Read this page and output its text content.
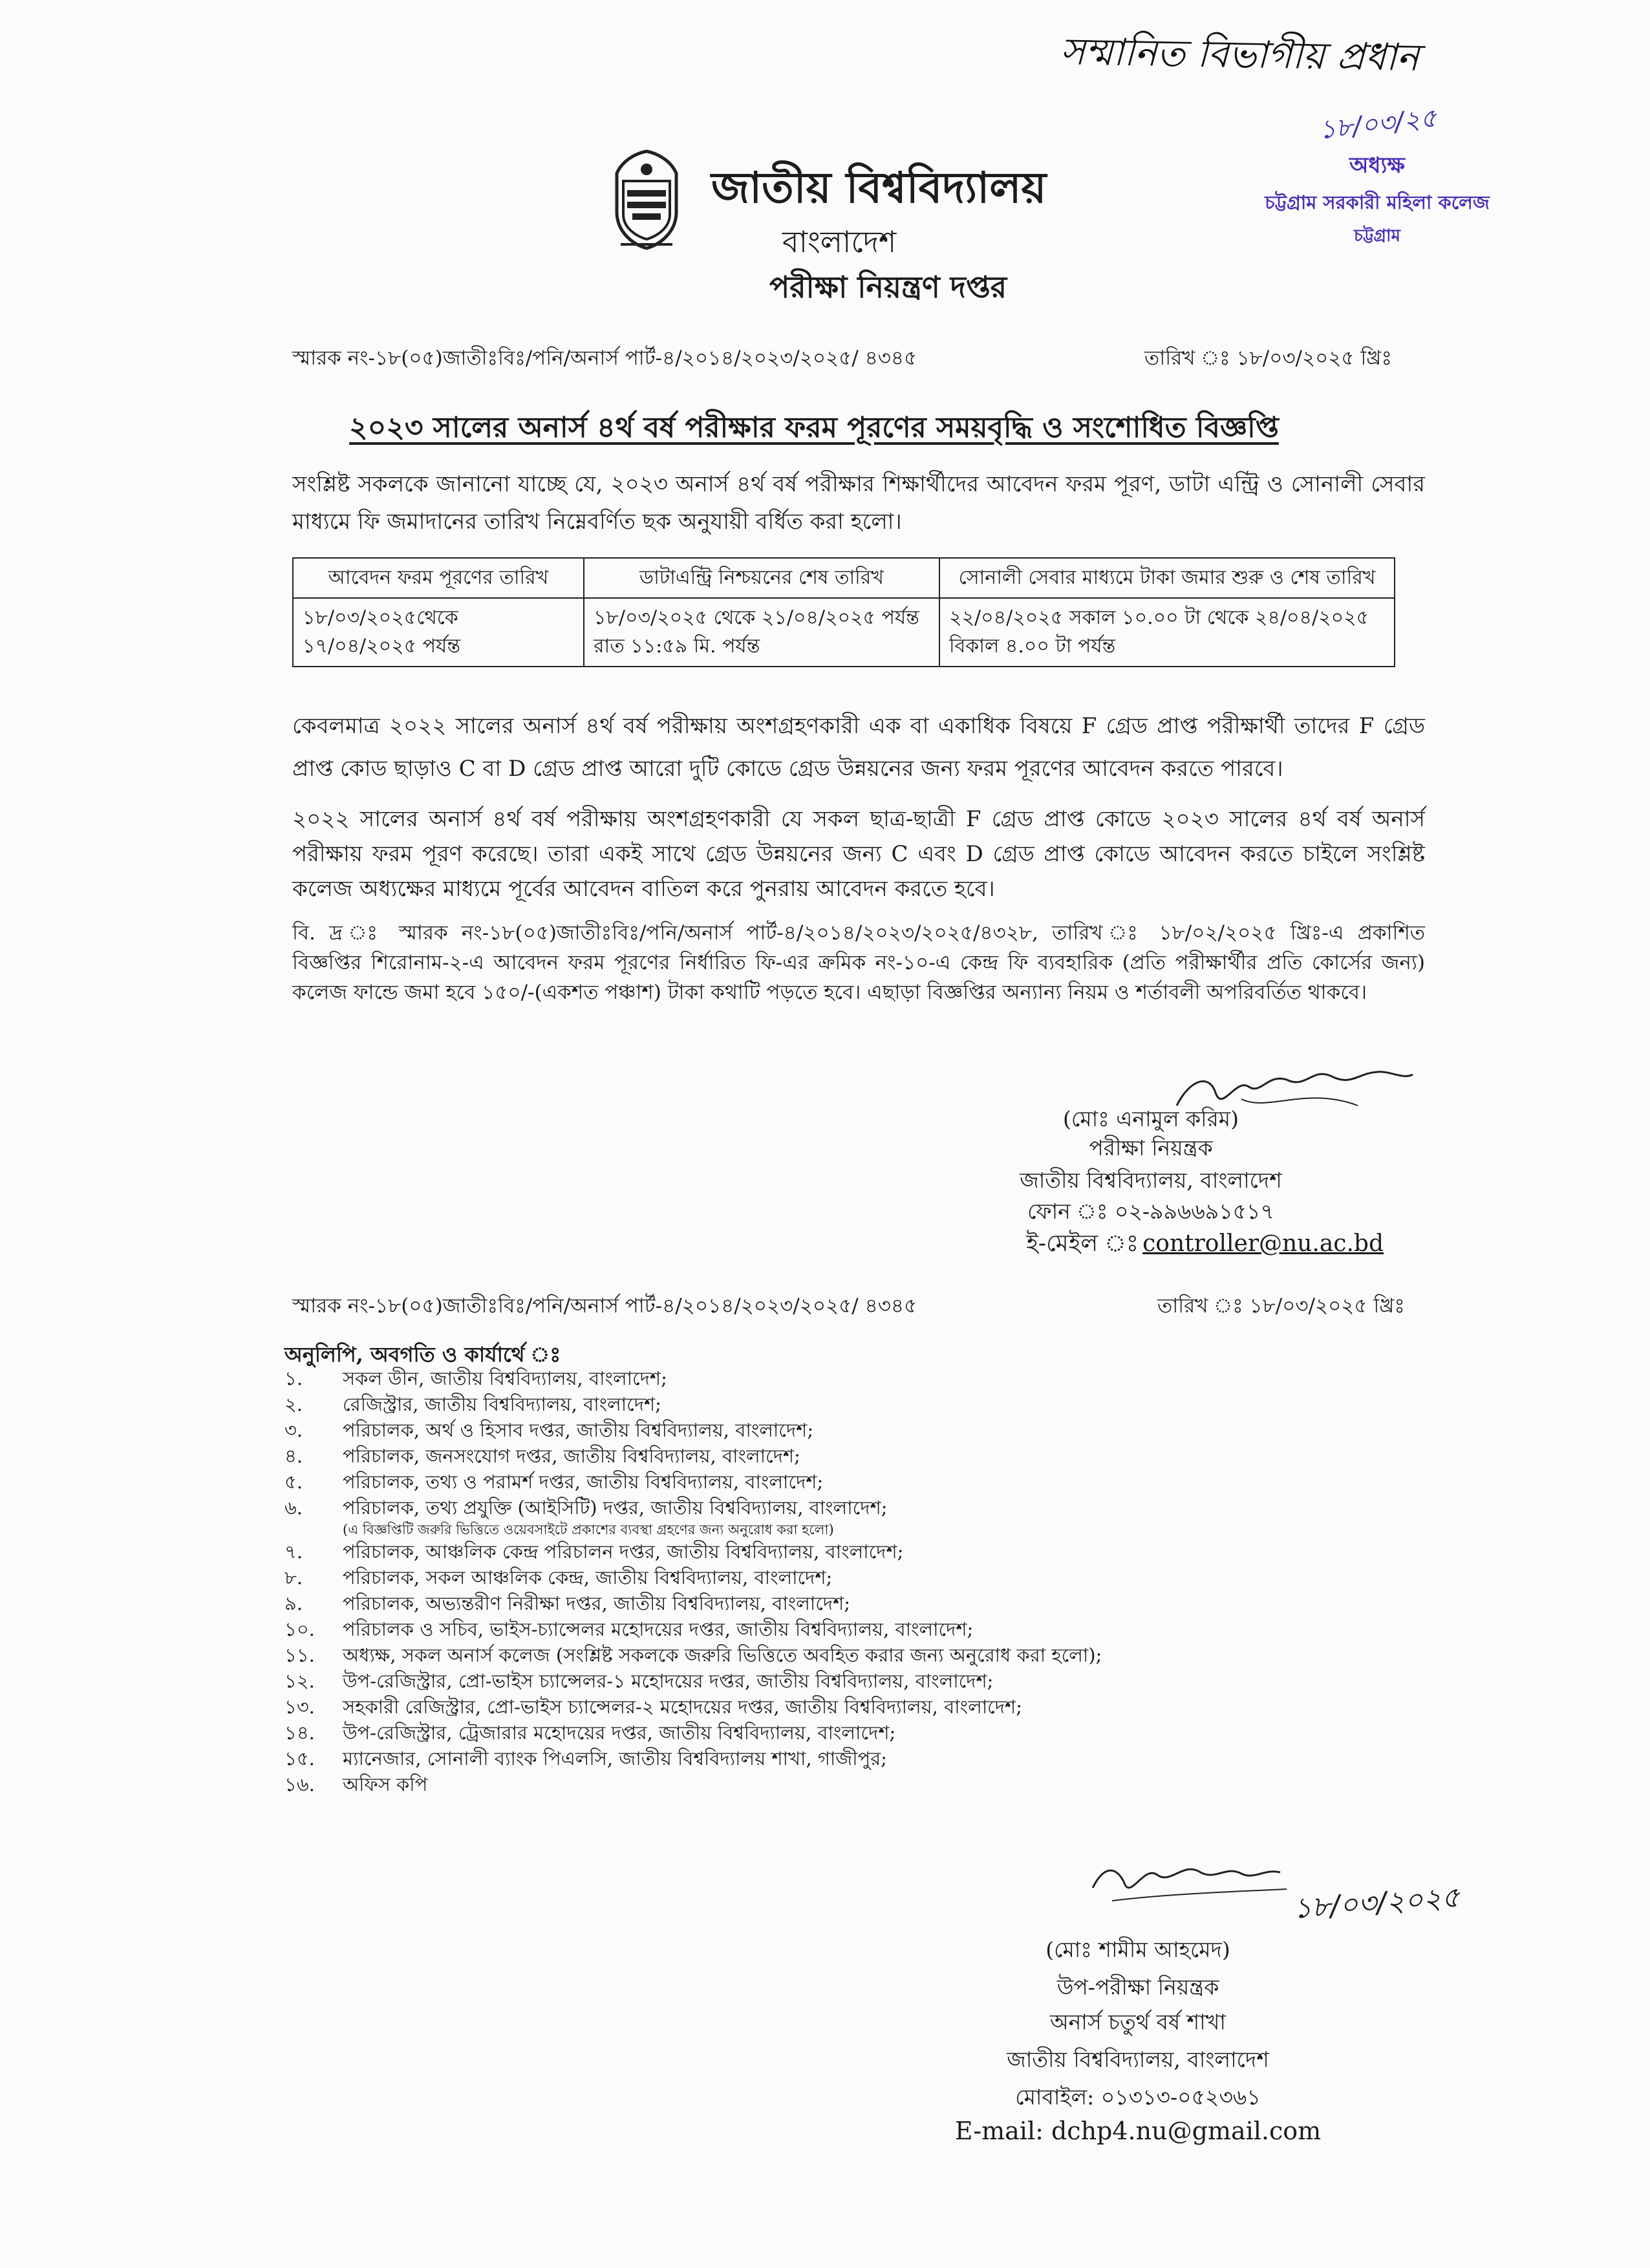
সম্মানিত বিভাগীয় প্রধান
১৮/০৩/২৫
অধ্যক্ষ
চট্টগ্রাম সরকারী মহিলা কলেজ
চট্টগ্রাম
জাতীয় বিশ্ববিদ্যালয়
বাংলাদেশ
পরীক্ষা নিয়ন্ত্রণ দপ্তর
স্মারক নং-১৮(০৫)জাতীঃবিঃ/পনি/অনার্স পার্ট-৪/২০১৪/২০২৩/২০২৫/ ৪৩৪৫	তারিখ ঃ ১৮/০৩/২০২৫ খ্রিঃ
২০২৩ সালের অনার্স ৪র্থ বর্ষ পরীক্ষার ফরম পূরণের সময়বৃদ্ধি ও সংশোধিত বিজ্ঞপ্তি
সংশ্লিষ্ট সকলকে জানানো যাচ্ছে যে, ২০২৩ অনার্স ৪র্থ বর্ষ পরীক্ষার শিক্ষার্থীদের আবেদন ফরম পূরণ, ডাটা এন্ট্রি ও সোনালী সেবার মাধ্যমে ফি জমাদানের তারিখ নিম্নেবর্ণিত ছক অনুযায়ী বর্ধিত করা হলো।
আবেদন ফরম পূরণের তারিখ	ডাটাএন্ট্রি নিশ্চয়নের শেষ তারিখ	সোনালী সেবার মাধ্যমে টাকা জমার শুরু ও শেষ তারিখ
১৮/০৩/২০২৫থেকে ১৭/০৪/২০২৫ পর্যন্ত	১৮/০৩/২০২৫ থেকে ২১/০৪/২০২৫ পর্যন্ত রাত ১১:৫৯ মি. পর্যন্ত	২২/০৪/২০২৫ সকাল ১০.০০ টা থেকে ২৪/০৪/২০২৫ বিকাল ৪.০০ টা পর্যন্ত
কেবলমাত্র ২০২২ সালের অনার্স ৪র্থ বর্ষ পরীক্ষায় অংশগ্রহণকারী এক বা একাধিক বিষয়ে F গ্রেড প্রাপ্ত পরীক্ষার্থী তাদের F গ্রেড প্রাপ্ত কোড ছাড়াও C বা D গ্রেড প্রাপ্ত আরো দুটি কোডে গ্রেড উন্নয়নের জন্য ফরম পূরণের আবেদন করতে পারবে।
২০২২ সালের অনার্স ৪র্থ বর্ষ পরীক্ষায় অংশগ্রহণকারী যে সকল ছাত্র-ছাত্রী F গ্রেড প্রাপ্ত কোডে ২০২৩ সালের ৪র্থ বর্ষ অনার্স পরীক্ষায় ফরম পূরণ করেছে। তারা একই সাথে গ্রেড উন্নয়নের জন্য C এবং D গ্রেড প্রাপ্ত কোডে আবেদন করতে চাইলে সংশ্লিষ্ট কলেজ অধ্যক্ষের মাধ্যমে পূর্বের আবেদন বাতিল করে পুনরায় আবেদন করতে হবে।
বি. দ্র ঃ স্মারক নং-১৮(০৫)জাতীঃবিঃ/পনি/অনার্স পার্ট-৪/২০১৪/২০২৩/২০২৫/৪৩২৮, তারিখ ঃ ১৮/০২/২০২৫ খ্রিঃ-এ প্রকাশিত বিজ্ঞপ্তির শিরোনাম-২-এ আবেদন ফরম পূরণের নির্ধারিত ফি-এর ক্রমিক নং-১০-এ কেন্দ্র ফি ব্যবহারিক (প্রতি পরীক্ষার্থীর প্রতি কোর্সের জন্য) কলেজ ফান্ডে জমা হবে ১৫০/-(একশত পঞ্চাশ) টাকা কথাটি পড়তে হবে। এছাড়া বিজ্ঞপ্তির অন্যান্য নিয়ম ও শর্তাবলী অপরিবর্তিত থাকবে।
(মোঃ এনামুল করিম)
পরীক্ষা নিয়ন্ত্রক
জাতীয় বিশ্ববিদ্যালয়, বাংলাদেশ
ফোন ঃ ০২-৯৯৬৬৯১৫১৭
ই-মেইল ঃ controller@nu.ac.bd
স্মারক নং-১৮(০৫)জাতীঃবিঃ/পনি/অনার্স পার্ট-৪/২০১৪/২০২৩/২০২৫/ ৪৩৪৫	তারিখ ঃ ১৮/০৩/২০২৫ খ্রিঃ
অনুলিপি, অবগতি ও কার্যার্থে ঃ
১.	সকল ডীন, জাতীয় বিশ্ববিদ্যালয়, বাংলাদেশ;
২.	রেজিস্ট্রার, জাতীয় বিশ্ববিদ্যালয়, বাংলাদেশ;
৩.	পরিচালক, অর্থ ও হিসাব দপ্তর, জাতীয় বিশ্ববিদ্যালয়, বাংলাদেশ;
৪.	পরিচালক, জনসংযোগ দপ্তর, জাতীয় বিশ্ববিদ্যালয়, বাংলাদেশ;
৫.	পরিচালক, তথ্য ও পরামর্শ দপ্তর, জাতীয় বিশ্ববিদ্যালয়, বাংলাদেশ;
৬.	পরিচালক, তথ্য প্রযুক্তি (আইসিটি) দপ্তর, জাতীয় বিশ্ববিদ্যালয়, বাংলাদেশ;
(এ বিজ্ঞপ্তিটি জরুরি ভিত্তিতে ওয়েবসাইটে প্রকাশের ব্যবস্থা গ্রহণের জন্য অনুরোধ করা হলো)
৭.	পরিচালক, আঞ্চলিক কেন্দ্র পরিচালন দপ্তর, জাতীয় বিশ্ববিদ্যালয়, বাংলাদেশ;
৮.	পরিচালক, সকল আঞ্চলিক কেন্দ্র, জাতীয় বিশ্ববিদ্যালয়, বাংলাদেশ;
৯.	পরিচালক, অভ্যন্তরীণ নিরীক্ষা দপ্তর, জাতীয় বিশ্ববিদ্যালয়, বাংলাদেশ;
১০.	পরিচালক ও সচিব, ভাইস-চ্যান্সেলর মহোদয়ের দপ্তর, জাতীয় বিশ্ববিদ্যালয়, বাংলাদেশ;
১১.	অধ্যক্ষ, সকল অনার্স কলেজ (সংশ্লিষ্ট সকলকে জরুরি ভিত্তিতে অবহিত করার জন্য অনুরোধ করা হলো);
১২.	উপ-রেজিস্ট্রার, প্রো-ভাইস চ্যান্সেলর-১ মহোদয়ের দপ্তর, জাতীয় বিশ্ববিদ্যালয়, বাংলাদেশ;
১৩.	সহকারী রেজিস্ট্রার, প্রো-ভাইস চ্যান্সেলর-২ মহোদয়ের দপ্তর, জাতীয় বিশ্ববিদ্যালয়, বাংলাদেশ;
১৪.	উপ-রেজিস্ট্রার, ট্রেজারার মহোদয়ের দপ্তর, জাতীয় বিশ্ববিদ্যালয়, বাংলাদেশ;
১৫.	ম্যানেজার, সোনালী ব্যাংক পিএলসি, জাতীয় বিশ্ববিদ্যালয় শাখা, গাজীপুর;
১৬.	অফিস কপি
১৮/০৩/২০২৫
(মোঃ শামীম আহমেদ)
উপ-পরীক্ষা নিয়ন্ত্রক
অনার্স চতুর্থ বর্ষ শাখা
জাতীয় বিশ্ববিদ্যালয়, বাংলাদেশ
মোবাইল: ০১৩১৩-০৫২৩৬১
E-mail: dchp4.nu@gmail.com
